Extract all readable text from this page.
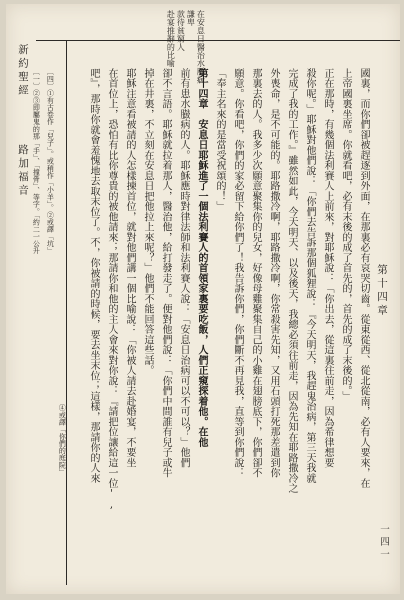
一四一
第十四章
國裏，而你們卻被趕逐到外面，在那裏必有哀哭切齒。從東從西、從北從南，必有人要來，在
上帝國裏坐席。你就看吧，必有末後的成了首先的，首先的成了末後的。」
正在那時，有幾個法利賽人上前來，對耶穌說：「你出去，從這裏往前走，因為希律想要
殺你呢。」耶穌對他們說：「你們去告訴那個狐狸說：『今天明天，我趕鬼治病，第三天我就
完成了我的工作。』雖然如此，今天明天、以及後天，我總必須往前走，因為先知在耶路撒冷之
外喪命，是不可能的。耶路撒冷啊，耶路撒冷啊，你常殺害先知，又用石頭打死那差遣到你
那裏去的人。我多少次願意聚集你的兒女，好像母雞聚集自己的小雞在翅膀底下，你們卻不
願意。你看吧，你們的家必留下給你們了！我告訴你們，你們斷不再見我，直等到你們說：
「奉主名來的是當受祝頌的！」
第十四章　安息日耶穌進了一個法利賽人的首領家裏要吃飯，人們正窺探着他。在他
前有患水臌病的人。耶穌應時對律法師和法利賽人說：「安息日治病可以不可以？」他們
卻不言語。耶穌就拉着那人，醫治他，給打發走了。便對他們說：「你們中間誰有兒子或牛
掉在井裏，不立刻在安息日把他拉上來呢？」他們不能回答這些話。
耶穌注意看被請的人怎樣揀首位，就對他們講一個比喻說：「你被人請去赴婚宴，不要坐
在首位上，恐怕有比你尊貴的被他請來；那請你和他的主人會來對你說：『請把位讓給這一位',
吧』，那時你就會羞愧地去取末位了。不，你被請的時候，要去坐末位；這樣，那請你的人來
在安息日醫治水腫病
謙卑
款待貧窮人
赴宴推辭的比喻
新約聖經
路加福音 〔一〕②③即屬鬼的那「手」、「撞骨」、等字。「約二一公升 〔四〕①有古卷作「兒子」。或稍作「小羊」。②或譯「坑」
④或譯「你們的庭院」
